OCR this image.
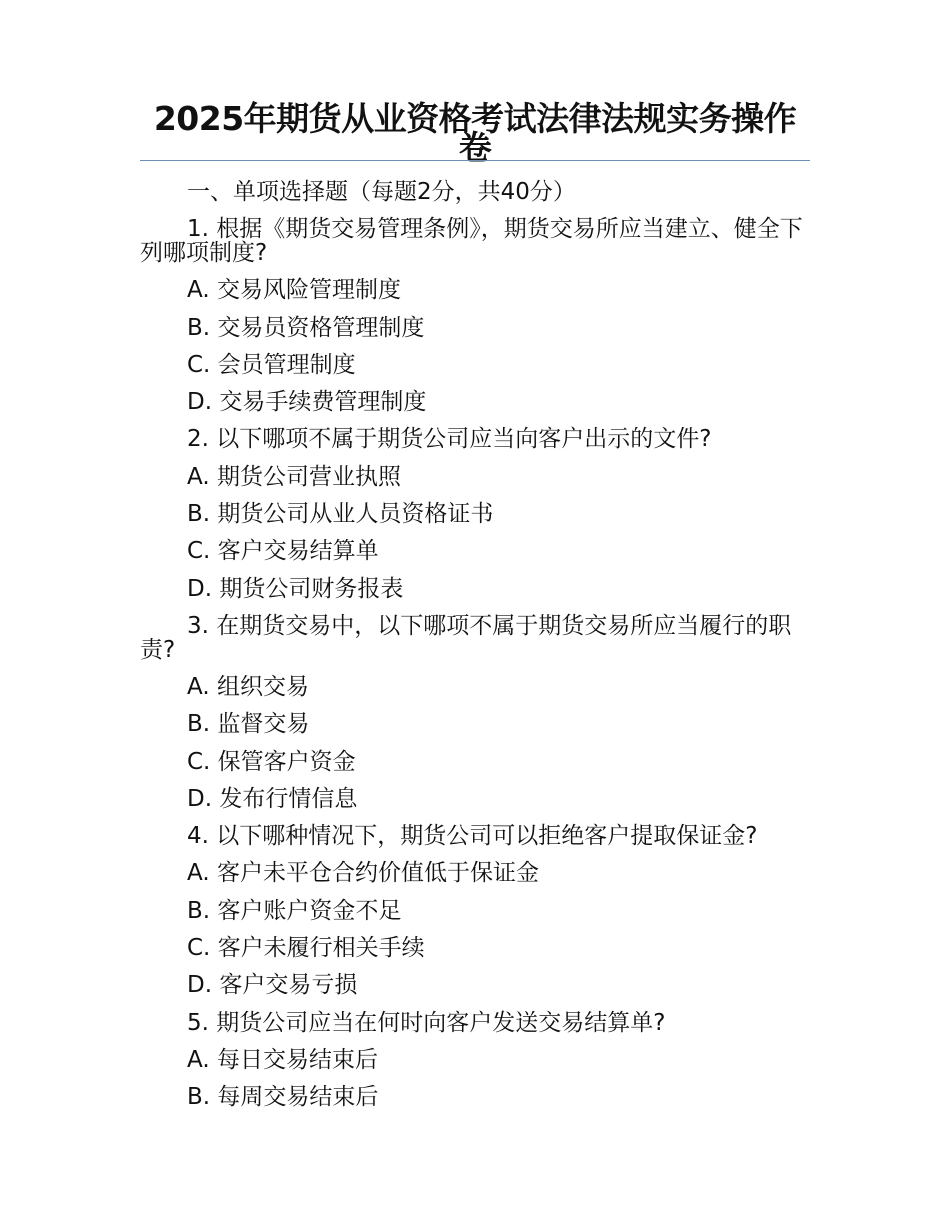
2025年期货从业资格考试法律法规实务操作卷

一、单项选择题（每题2分，共40分）

1. 根据《期货交易管理条例》，期货交易所应当建立、健全下列哪项制度?

A. 交易风险管理制度

B. 交易员资格管理制度

C. 会员管理制度

D. 交易手续费管理制度

2. 以下哪项不属于期货公司应当向客户出示的文件?

A. 期货公司营业执照

B. 期货公司从业人员资格证书

C. 客户交易结算单

D. 期货公司财务报表

3. 在期货交易中，以下哪项不属于期货交易所应当履行的职责?

A. 组织交易

B. 监督交易

C. 保管客户资金

D. 发布行情信息

4. 以下哪种情况下，期货公司可以拒绝客户提取保证金?

A. 客户未平仓合约价值低于保证金

B. 客户账户资金不足

C. 客户未履行相关手续

D. 客户交易亏损

5. 期货公司应当在何时向客户发送交易结算单?

A. 每日交易结束后

B. 每周交易结束后
